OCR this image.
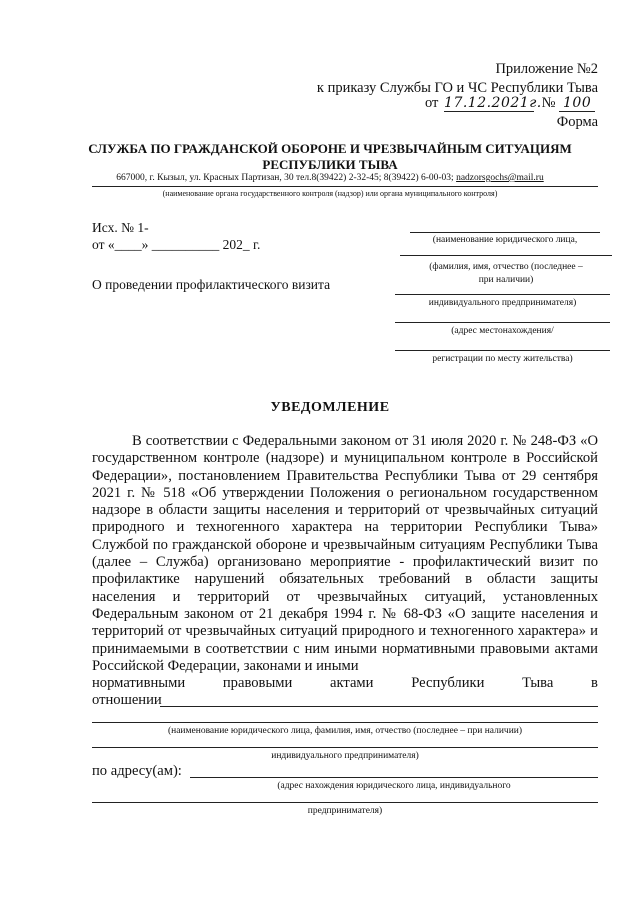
Приложение №2
к приказу Службы ГО и ЧС Республики Тыва
от 17.12.2021г. № 100
Форма
СЛУЖБА ПО ГРАЖДАНСКОЙ ОБОРОНЕ И ЧРЕЗВЫЧАЙНЫМ СИТУАЦИЯМ
РЕСПУБЛИКИ ТЫВА
667000, г. Кызыл, ул. Красных Партизан, 30 тел.8(39422) 2-32-45; 8(39422) 6-00-03; nadzorsgochs@mail.ru
(наименование органа государственного контроля (надзор) или органа муниципального контроля)
Исх. № 1-
от «____» __________ 202_ г.
О проведении профилактического визита
(наименование юридического лица,
(фамилия, имя, отчество (последнее –
при наличии)
индивидуального предпринимателя)
(адрес местонахождения/
регистрации по месту жительства)
УВЕДОМЛЕНИЕ
В соответствии с Федеральными законом от 31 июля 2020 г. № 248-ФЗ «О государственном контроле (надзоре) и муниципальном контроле в Российской Федерации», постановлением Правительства Республики Тыва от 29 сентября 2021 г. № 518 «Об утверждении Положения о региональном государственном надзоре в области защиты населения и территорий от чрезвычайных ситуаций природного и техногенного характера на территории Республики Тыва» Службой по гражданской обороне и чрезвычайным ситуациям Республики Тыва (далее – Служба) организовано мероприятие - профилактический визит по профилактике нарушений обязательных требований в области защиты населения и территорий от чрезвычайных ситуаций, установленных Федеральным законом от 21 декабря 1994 г. № 68-ФЗ «О защите населения и территорий от чрезвычайных ситуаций природного и техногенного характера» и принимаемыми в соответствии с ним иными нормативными правовыми актами Российской Федерации, законами и иными
нормативными	правовыми	актами	Республики	Тыва	в
отношении
(наименование юридического лица, фамилия, имя, отчество (последнее – при наличии)
индивидуального предпринимателя)
по адресу(ам):
(адрес нахождения юридического лица, индивидуального
предпринимателя)
